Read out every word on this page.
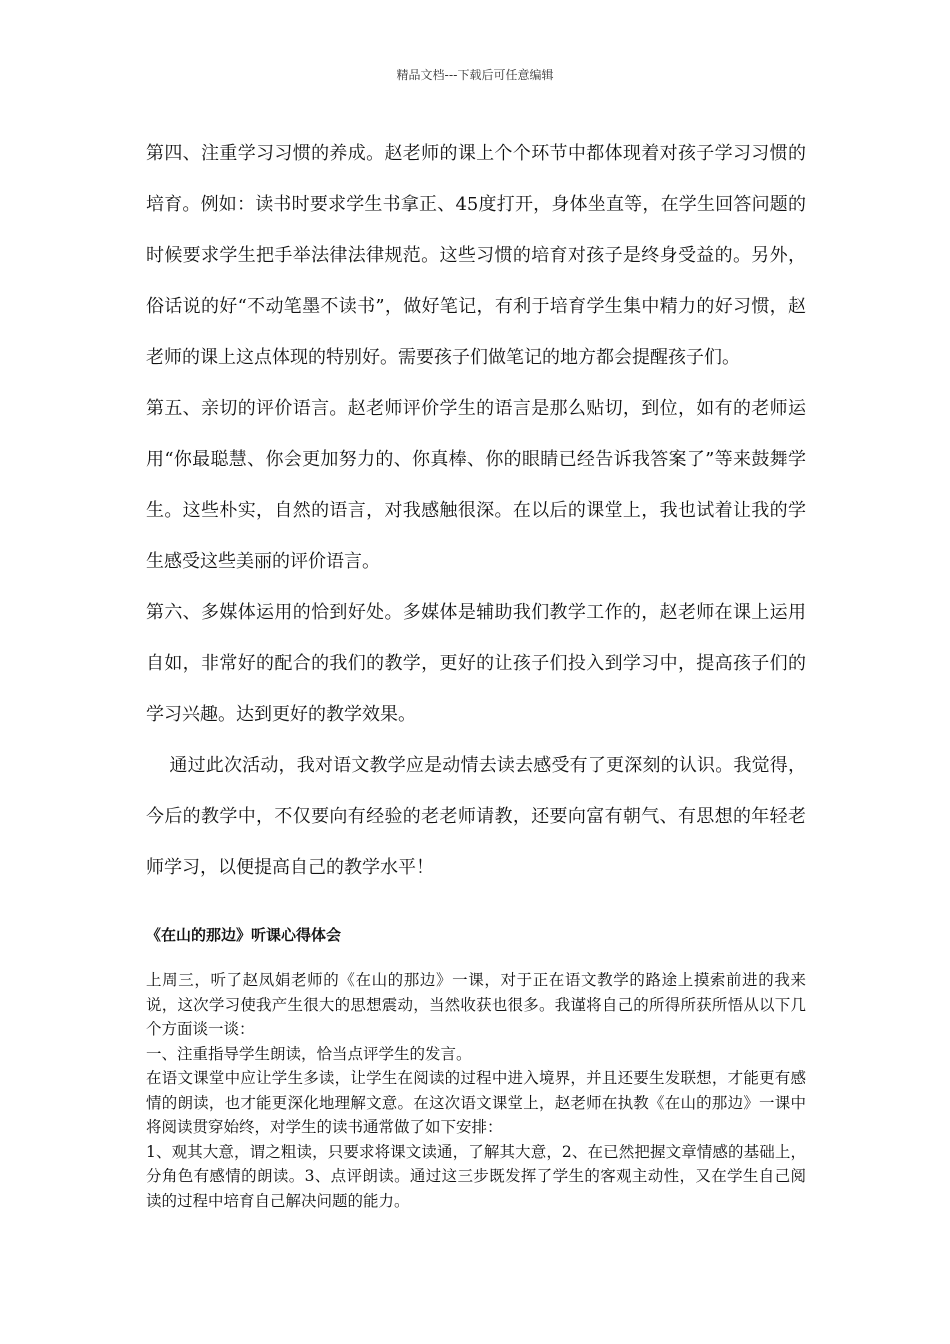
精品文档---下载后可任意编辑

第四、注重学习习惯的养成。赵老师的课上个个环节中都体现着对孩子学习习惯的培育。例如：读书时要求学生书拿正、45度打开，身体坐直等，在学生回答问题的时候要求学生把手举法律法律规范。这些习惯的培育对孩子是终身受益的。另外，俗话说的好“不动笔墨不读书”，做好笔记，有利于培育学生集中精力的好习惯，赵老师的课上这点体现的特别好。需要孩子们做笔记的地方都会提醒孩子们。

第五、亲切的评价语言。赵老师评价学生的语言是那么贴切，到位，如有的老师运用“你最聪慧、你会更加努力的、你真棒、你的眼睛已经告诉我答案了”等来鼓舞学生。这些朴实，自然的语言，对我感触很深。在以后的课堂上，我也试着让我的学生感受这些美丽的评价语言。

第六、多媒体运用的恰到好处。多媒体是辅助我们教学工作的，赵老师在课上运用自如，非常好的配合的我们的教学，更好的让孩子们投入到学习中，提高孩子们的学习兴趣。达到更好的教学效果。

通过此次活动，我对语文教学应是动情去读去感受有了更深刻的认识。我觉得，今后的教学中，不仅要向有经验的老老师请教，还要向富有朝气、有思想的年轻老师学习，以便提高自己的教学水平！

《在山的那边》听课心得体会

上周三，听了赵凤娟老师的《在山的那边》一课，对于正在语文教学的路途上摸索前进的我来说，这次学习使我产生很大的思想震动，当然收获也很多。我谨将自己的所得所获所悟从以下几个方面谈一谈：

一、注重指导学生朗读，恰当点评学生的发言。

在语文课堂中应让学生多读，让学生在阅读的过程中进入境界，并且还要生发联想，才能更有感情的朗读，也才能更深化地理解文意。在这次语文课堂上，赵老师在执教《在山的那边》一课中将阅读贯穿始终，对学生的读书通常做了如下安排：

1、观其大意，谓之粗读，只要求将课文读通，了解其大意，2、在已然把握文章情感的基础上，分角色有感情的朗读。3、点评朗读。通过这三步既发挥了学生的客观主动性，又在学生自己阅读的过程中培育自己解决问题的能力。
